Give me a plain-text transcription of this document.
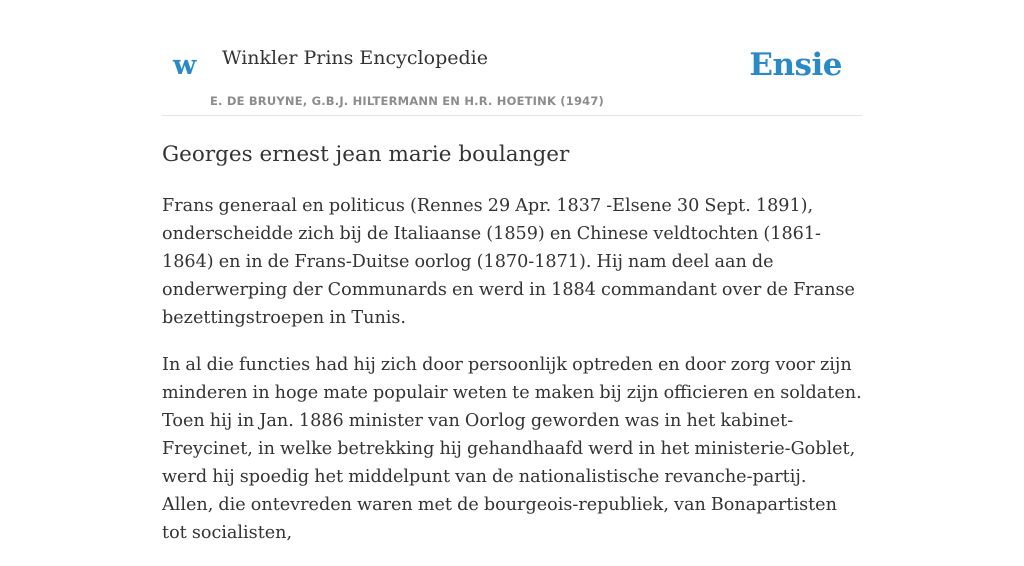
w Winkler Prins Encyclopedie
E. DE BRUYNE, G.B.J. HILTERMANN EN H.R. HOETINK (1947)
Ensie
Georges ernest jean marie boulanger

Frans generaal en politicus (Rennes 29 Apr. 1837 -Elsene 30 Sept. 1891), onderscheidde zich bij de Italiaanse (1859) en Chinese veldtochten (1861-1864) en in de Frans-Duitse oorlog (1870-1871). Hij nam deel aan de onderwerping der Communards en werd in 1884 commandant over de Franse bezettingstroepen in Tunis.

In al die functies had hij zich door persoonlijk optreden en door zorg voor zijn minderen in hoge mate populair weten te maken bij zijn officieren en soldaten. Toen hij in Jan. 1886 minister van Oorlog geworden was in het kabinet-Freycinet, in welke betrekking hij gehandhaafd werd in het ministerie-Goblet, werd hij spoedig het middelpunt van de nationalistische revanche-partij. Allen, die ontevreden waren met de bourgeois-republiek, van Bonapartisten tot socialisten,
